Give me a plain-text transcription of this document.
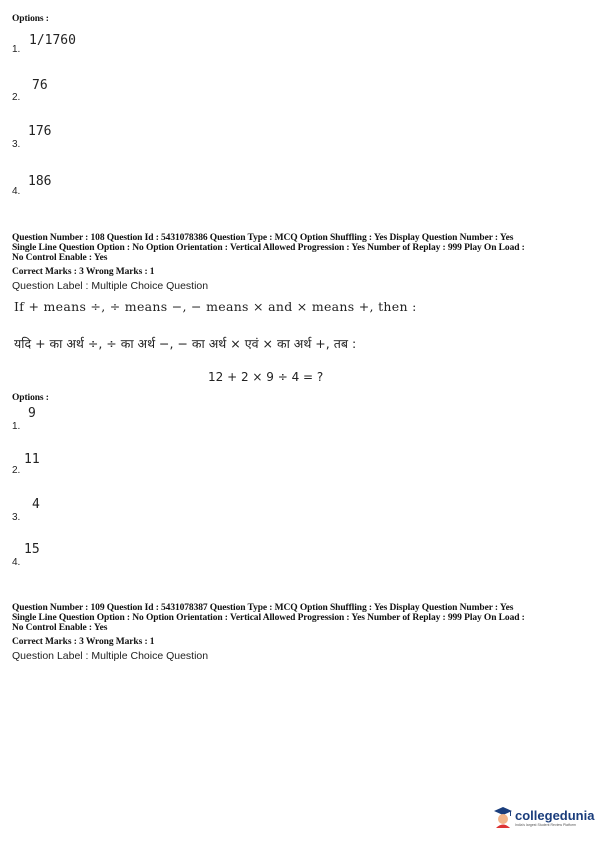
Options :
1/1760
1.
76
2.
176
3.
186
4.
Question Number : 108 Question Id : 5431078386 Question Type : MCQ Option Shuffling : Yes Display Question Number : Yes
Single Line Question Option : No Option Orientation : Vertical Allowed Progression : Yes Number of Replay : 999 Play On Load :
No Control Enable : Yes
Correct Marks : 3 Wrong Marks : 1
Question Label : Multiple Choice Question
If + means ÷, ÷ means −, − means × and × means +, then :
यदि + का अर्थ ÷, ÷ का अर्थ −, − का अर्थ × एवं × का अर्थ +, तब :
12 + 2 × 9 ÷ 4 = ?
Options :
9
1.
11
2.
4
3.
15
4.
Question Number : 109 Question Id : 5431078387 Question Type : MCQ Option Shuffling : Yes Display Question Number : Yes
Single Line Question Option : No Option Orientation : Vertical Allowed Progression : Yes Number of Replay : 999 Play On Load :
No Control Enable : Yes
Correct Marks : 3 Wrong Marks : 1
Question Label : Multiple Choice Question
collegedunia
India's largest Student Review Platform
